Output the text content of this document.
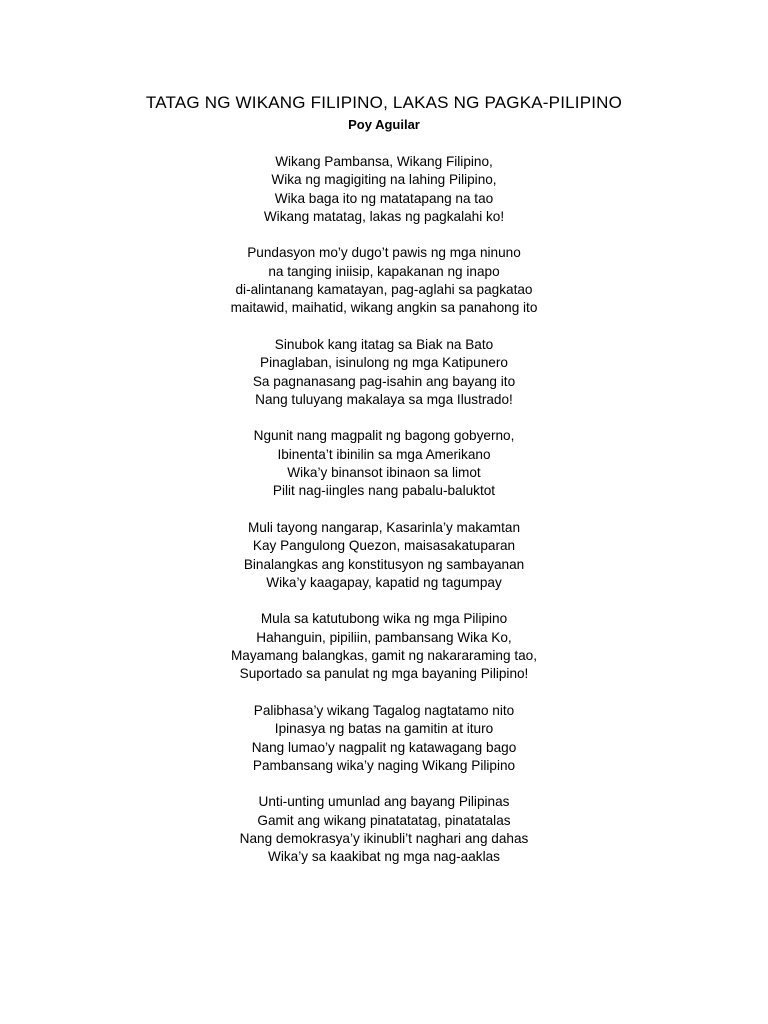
TATAG NG WIKANG FILIPINO, LAKAS NG PAGKA-PILIPINO
Poy Aguilar
Wikang Pambansa, Wikang Filipino,
Wika ng magigiting na lahing Pilipino,
Wika baga ito ng matatapang na tao
Wikang matatag, lakas ng pagkalahi ko!
Pundasyon mo’y dugo’t pawis ng mga ninuno
na tanging iniisip, kapakanan ng inapo
di-alintanang kamatayan, pag-aglahi sa pagkatao
maitawid, maihatid, wikang angkin sa panahong ito
Sinubok kang itatag sa Biak na Bato
Pinaglaban, isinulong ng mga Katipunero
Sa pagnanasang pag-isahin ang bayang ito
Nang tuluyang makalaya sa mga Ilustrado!
Ngunit nang magpalit ng bagong gobyerno,
Ibinenta’t ibinilin sa mga Amerikano
Wika’y binansot ibinaon sa limot
Pilit nag-iingles nang pabalu-baluktot
Muli tayong nangarap, Kasarinla’y makamtan
Kay Pangulong Quezon, maisasakatuparan
Binalangkas ang konstitusyon ng sambayanan
Wika’y kaagapay, kapatid ng tagumpay
Mula sa katutubong wika ng mga Pilipino
Hahanguin, pipiliin, pambansang Wika Ko,
Mayamang balangkas, gamit ng nakararaming tao,
Suportado sa panulat ng mga bayaning Pilipino!
Palibhasa’y wikang Tagalog nagtatamo nito
Ipinasya ng batas na gamitin at ituro
Nang lumao’y nagpalit ng katawagang bago
Pambansang wika’y naging Wikang Pilipino
Unti-unting umunlad ang bayang Pilipinas
Gamit ang wikang pinatatatag, pinatatalas
Nang demokrasya’y ikinubli’t naghari ang dahas
Wika’y sa kaakibat ng mga nag-aaklas
